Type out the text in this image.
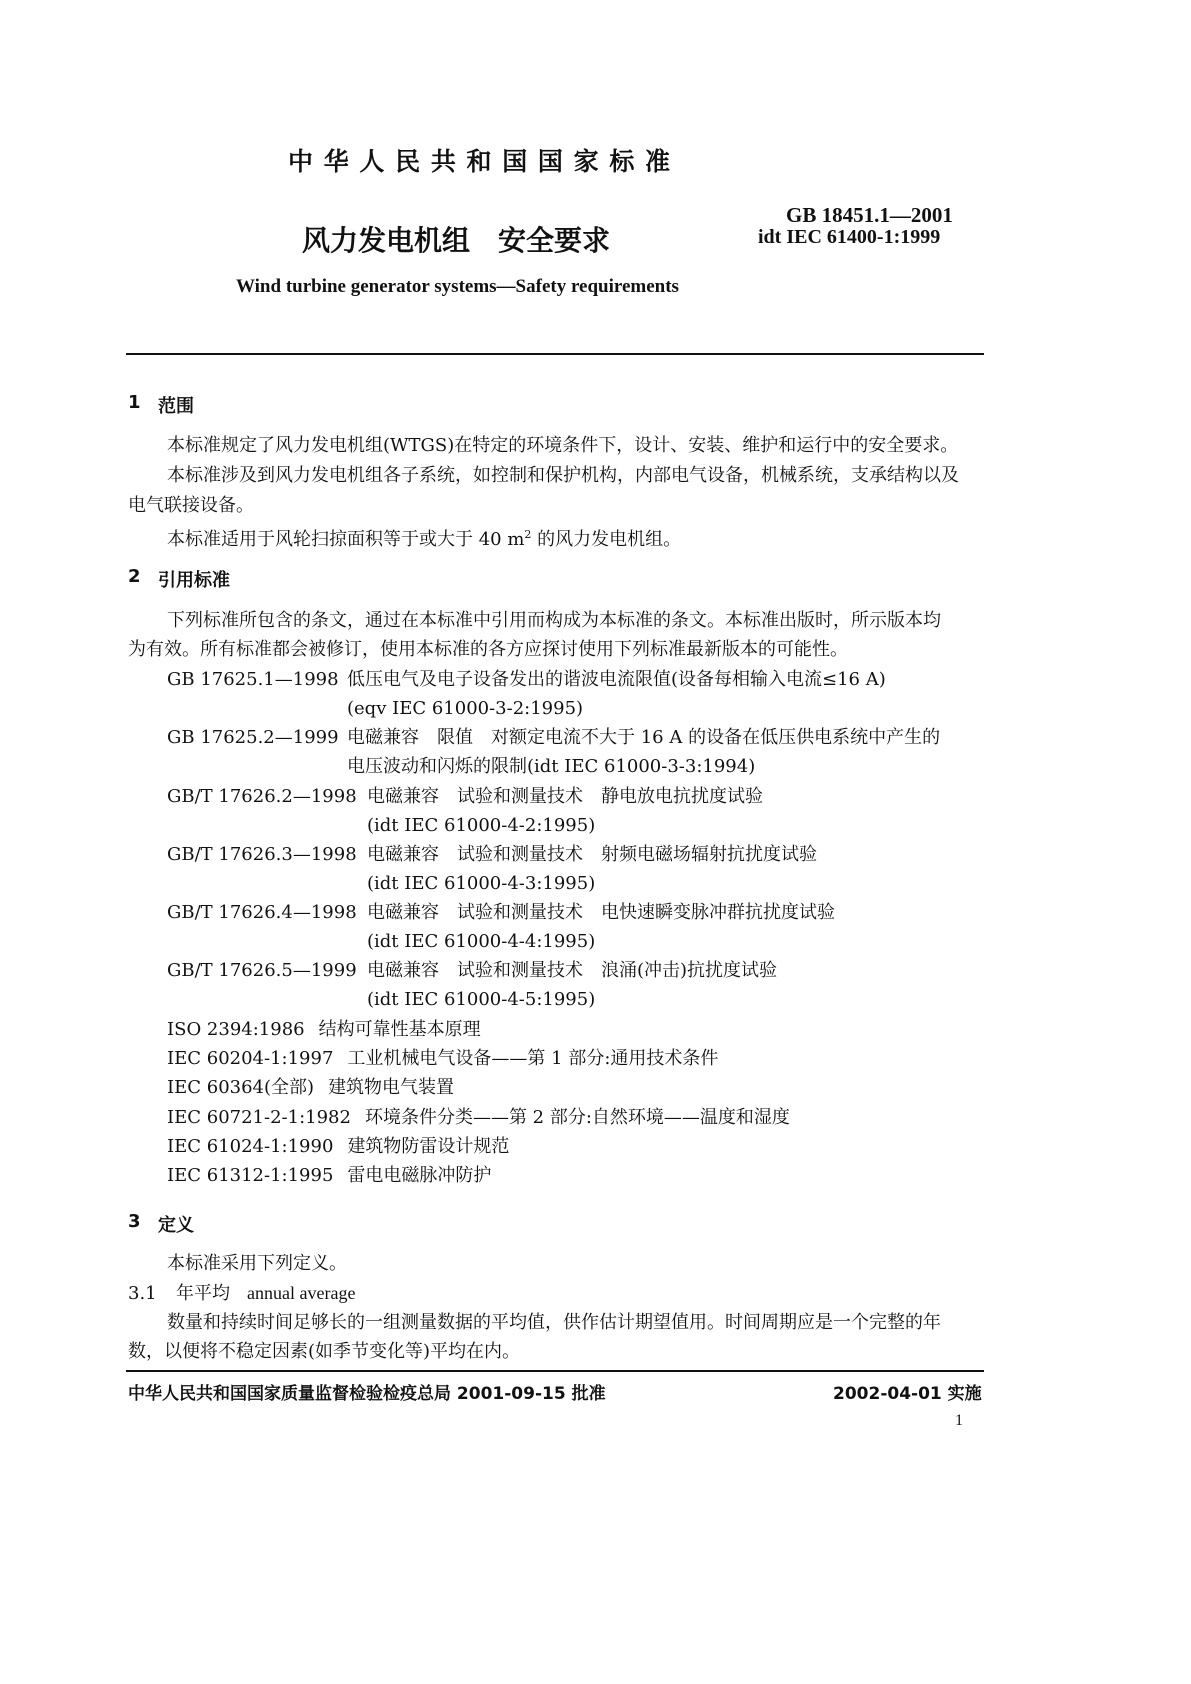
中 华 人 民 共 和 国 国 家 标 准
风力发电机组　安全要求
GB 18451.1—2001
idt IEC 61400-1:1999
Wind turbine generator systems—Safety requirements
1 范围
本标准规定了风力发电机组(WTGS)在特定的环境条件下，设计、安装、维护和运行中的安全要求。
本标准涉及到风力发电机组各子系统，如控制和保护机构，内部电气设备，机械系统，支承结构以及
电气联接设备。
本标准适用于风轮扫掠面积等于或大于 40 $m^2$ 的风力发电机组。
2 引用标准
下列标准所包含的条文，通过在本标准中引用而构成为本标准的条文。本标准出版时，所示版本均
为有效。所有标准都会被修订，使用本标准的各方应探讨使用下列标准最新版本的可能性。
GB 17625.1—1998 低压电气及电子设备发出的谐波电流限值(设备每相输入电流≤16 A)
(eqv IEC 61000-3-2:1995)
GB 17625.2—1999 电磁兼容　限值　对额定电流不大于 16 A 的设备在低压供电系统中产生的
电压波动和闪烁的限制(idt IEC 61000-3-3:1994)
GB/T 17626.2—1998 电磁兼容　试验和测量技术　静电放电抗扰度试验
(idt IEC 61000-4-2:1995)
GB/T 17626.3—1998 电磁兼容　试验和测量技术　射频电磁场辐射抗扰度试验
(idt IEC 61000-4-3:1995)
GB/T 17626.4—1998 电磁兼容　试验和测量技术　电快速瞬变脉冲群抗扰度试验
(idt IEC 61000-4-4:1995)
GB/T 17626.5—1999 电磁兼容　试验和测量技术　浪涌(冲击)抗扰度试验
(idt IEC 61000-4-5:1995)
ISO 2394:1986 结构可靠性基本原理
IEC 60204-1:1997 工业机械电气设备——第 1 部分:通用技术条件
IEC 60364(全部) 建筑物电气装置
IEC 60721-2-1:1982 环境条件分类——第 2 部分:自然环境——温度和湿度
IEC 61024-1:1990 建筑物防雷设计规范
IEC 61312-1:1995 雷电电磁脉冲防护
3 定义
本标准采用下列定义。
3.1 年平均 annual average
数量和持续时间足够长的一组测量数据的平均值，供作估计期望值用。时间周期应是一个完整的年
数，以便将不稳定因素(如季节变化等)平均在内。
中华人民共和国国家质量监督检验检疫总局 2001-09-15 批准	2002-04-01 实施
1
